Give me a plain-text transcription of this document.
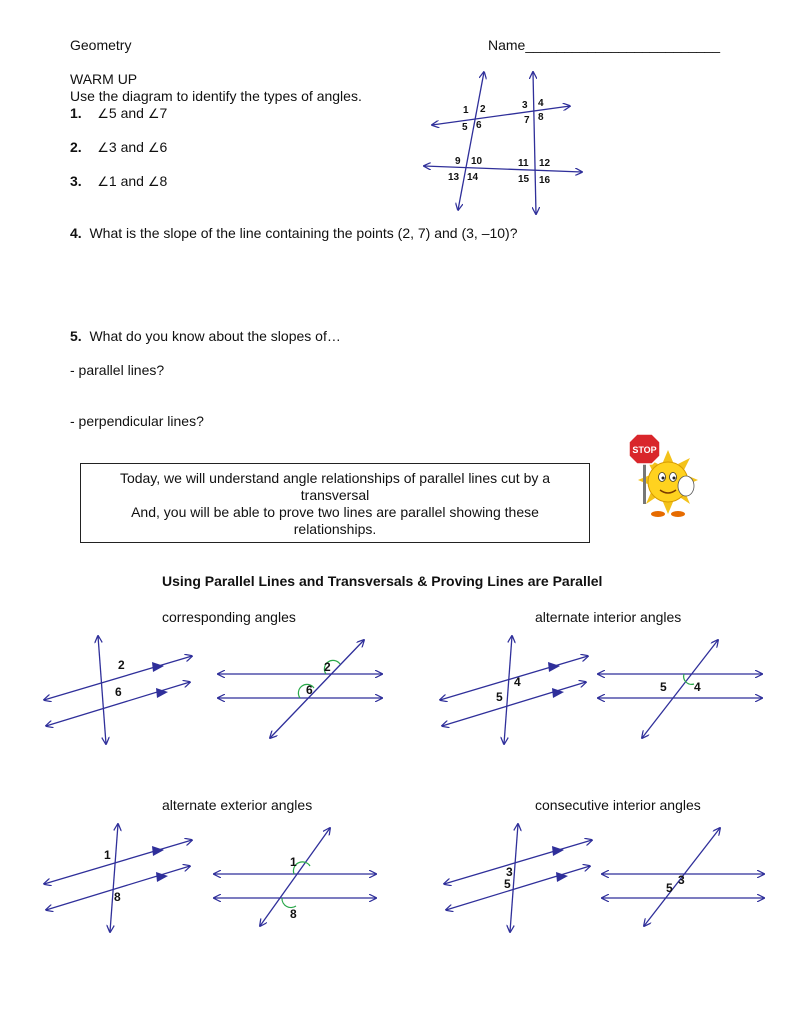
Geometry	Name_________________________
WARM UP
Use the diagram to identify the types of angles.
1. ∠5 and ∠7
2. ∠3 and ∠6
3. ∠1 and ∠8
4. What is the slope of the line containing the points (2, 7) and (3, –10)?
5. What do you know about the slopes of…
- parallel lines?
- perpendicular lines?
1 2	3 4
5 6	7 8
9 10	11 12
13 14	15 16
STOP
Today, we will understand angle relationships of parallel lines cut by a
transversal
And, you will be able to prove two lines are parallel showing these
relationships.
Using Parallel Lines and Transversals & Proving Lines are Parallel
corresponding angles	alternate interior angles
alternate exterior angles	consecutive interior angles
2
6
2
6
4
5
4
5
1
8
1
8
3
5	3
5
